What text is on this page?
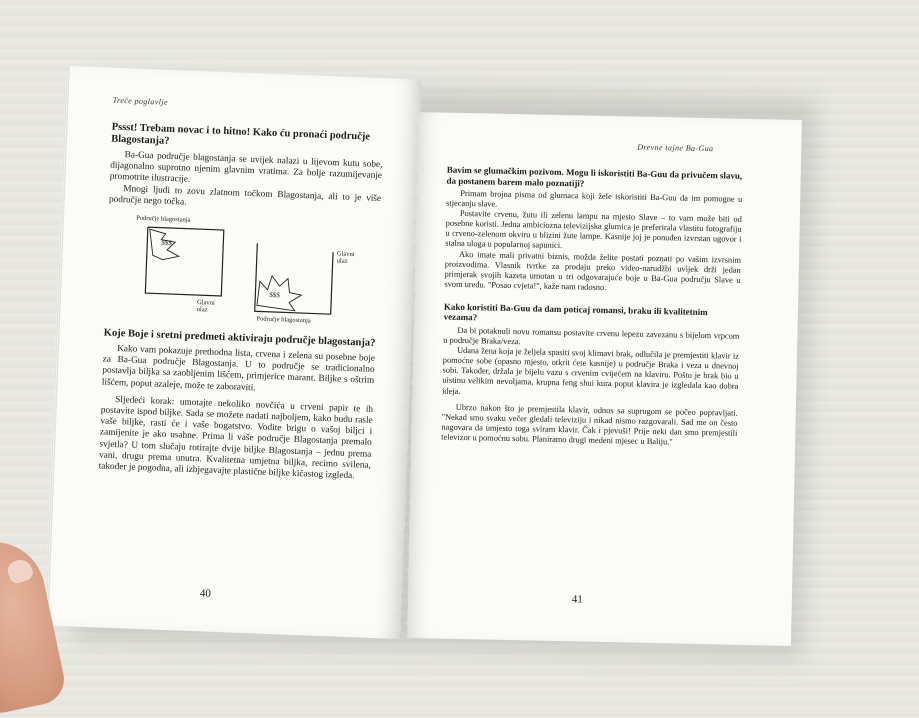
Treće poglavlje
Pssst! Trebam novac i to hitno! Kako ću pronaći područje Blagostanja?

Ba-Gua područje blagostanja se uvijek nalazi u lijevom kutu sobe, dijagonalno suprotno njenim glavnim vratima. Za bolje razumijevanje promotrite ilustracije.

Mnogi ljudi to zovu zlatnom točkom Blagostanja, ali to je više područje nego točka.

Područje blagostanja
$$$
$$$
Glavni ulaz
Glavni ulaz
Područje blagostanja
Koje Boje i sretni predmeti aktiviraju područje blagostanja?

Kako vam pokazuje prethodna lista, crvena i zelena su posebne boje za Ba-Gua područje Blagostanja. U to područje se tradicionalno postavlja biljka sa zaobljenim lišćem, primjerice marant. Biljke s oštrim lišćem, poput azaleje, može te zaboraviti.

Sljedeći korak: umotajte nekoliko novčića u crveni papir te ih postavite ispod biljke. Sada se možete nadati najboljem, kako budu rasle vaše biljke, rasti će i vaše bogatstvo. Vodite brigu o vašoj biljci i zamijenite je ako usahne. Prima li vaše područje Blagostanja premalo svjetla? U tom slučaju rotirajte dvije biljke Blagostanja – jednu prema vani, drugu prema unutra. Kvalitetna umjetna biljka, recimo svilena, također je pogodna, ali izbjegavajte plastične biljke kičastog izgleda.

40
Drevne tajne Ba-Gua
Bavim se glumačkim pozivom. Mogu li iskoristiti Ba-Guu da privučem slavu, da postanem barem malo poznatiji?

Primam brojna pisma od glumaca koji žele iskoristiti Ba-Guu da im pomogne u stjecanju slave.

Postavite crvenu, žutu ili zelenu lampu na mjesto Slave – to vam može biti od posebne koristi. Jedna ambiciozna televizijska glumica je preferirala vlastitu fotografiju u crveno-zelenom okviru u blizini žute lampe. Kasnije joj je ponuđen izvrstan ugovor i stalna uloga u popularnoj sapunici.

Ako imate mali privatni biznis, možda želite postati poznati po vašim izvrsnim proizvodima. Vlasnik tvrtke za prodaju preko video-narudžbi uvijek drži jedan primjerak svojih kazeta umotan u tri odgovarajuće boje u Ba-Gua području Slave u svom uredu. "Posao cvjeta!", kaže nam radosno.

Kako koristiti Ba-Guu da dam poticaj romansi, braku ili kvalitetnim vezama?

Da bi potaknuli novu romansu postavite crvenu lepezu zavezanu s bijelom vrpcom u područje Braka/veza.

Udana žena koja je željela spasiti svoj klimavi brak, odlučila je premjestiti klavir iz pomoćne sobe (opasno mjesto, otkrit ćete kasnije) u područje Braka i veza u dnevnoj sobi. Također, držala je bijelu vazu s crvenim cvijećem na klaviru. Pošto je brak bio u uistinu velikim nevoljama, krupna feng shui kura poput klavira je izgledala kao dobra ideja.

Ubrzo nakon što je premjestila klavir, odnos sa suprugom se počeo popravljati. "Nekad smo svaku večer gledali televiziju i nikad nismo razgovarali. Sad me on često nagovara da umjesto toga sviram klavir. Čak i pjevuši! Prije neki dan smo premjestili televizor u pomoćnu sobu. Planiramo drugi medeni mjesec u Baliju."

41
